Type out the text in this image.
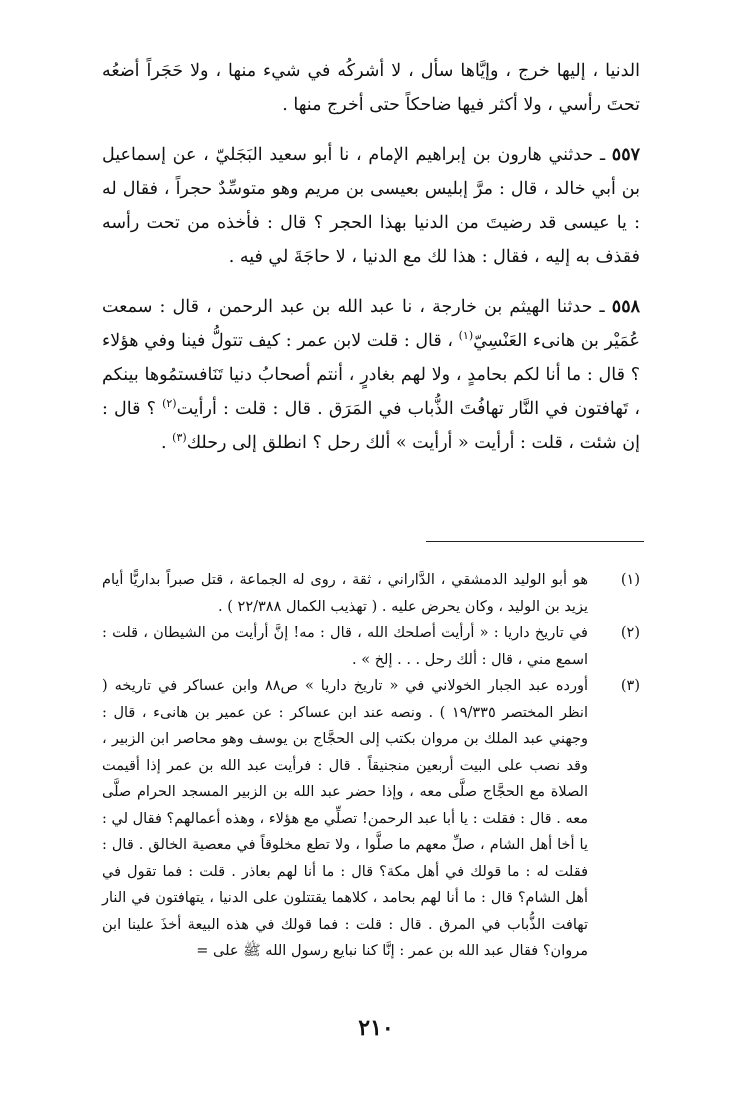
الدنيا ، إليها خرج ، وإيَّاها سأل ، لا أشركُه في شيء منها ، ولا حَجَراً أضعُه تحتَ رأسي ، ولا أكثر فيها ضاحكاً حتى أخرج منها .

٥٥٧ ـ حدثني هارون بن إبراهيم الإمام ، نا أبو سعيد البَجَليّ ، عن إسماعيل بن أبي خالد ، قال : مرَّ إبليس بعيسى بن مريم وهو متوسِّدٌ حجراً ، فقال له : يا عيسى قد رضيتَ من الدنيا بهذا الحجر ؟ قال : فأخذه من تحت رأسه فقذف به إليه ، فقال : هذا لك مع الدنيا ، لا حاجَةَ لي فيه .

٥٥٨ ـ حدثنا الهيثم بن خارجة ، نا عبد الله بن عبد الرحمن ، قال : سمعت عُمَيْر بن هانىء العَنْسِيّ$^{(١)}$ ، قال : قلت لابن عمر : كيف تتولُّ فينا وفي هؤلاء ؟ قال : ما أنا لكم بحامدٍ ، ولا لهم بغادرٍ ، أنتم أصحابُ دنيا تَنَافستمُوها بينكم ، تَهافتون في النَّار تهافُتَ الذُّباب في المَرَق . قال : قلت : أرأيت$^{(٢)}$ ؟ قال : إن شئت ، قلت : أرأيت « أرأيت » ألك رحل ؟ انطلق إلى رحلك$^{(٣)}$ .

(١)
هو أبو الوليد الدمشقي ، الدَّاراني ، ثقة ، روى له الجماعة ، قتل صبراً بداريًّا أيام يزيد بن الوليد ، وكان يحرض عليه . ( تهذيب الكمال ٢٢/٣٨٨ ) .
(٢)
في تاريخ داريا : « أرأيت أصلحك الله ، قال : مه! إنَّ أرأيت من الشيطان ، قلت : اسمع مني ، قال : ألك رحل . . . إلخ » .
(٣)
أورده عبد الجبار الخولاني في « تاريخ داريا » ص٨٨ وابن عساكر في تاريخه ( انظر المختصر ١٩/٣٣٥ ) . ونصه عند ابن عساكر : عن عمير بن هانىء ، قال : وجهني عبد الملك بن مروان بكتب إلى الحجَّاج بن يوسف وهو محاصر ابن الزبير ، وقد نصب على البيت أربعين منجنيقاً . قال : فرأيت عبد الله بن عمر إذا أقيمت الصلاة مع الحجَّاج صلَّى معه ، وإذا حضر عبد الله بن الزبير المسجد الحرام صلَّى معه . قال : فقلت : يا أبا عبد الرحمن! تصلِّي مع هؤلاء ، وهذه أعمالهم؟ فقال لي : يا أخا أهل الشام ، صلِّ معهم ما صلَّوا ، ولا تطع مخلوقاً في معصية الخالق . قال : فقلت له : ما قولك في أهل مكة؟ قال : ما أنا لهم بعاذر . قلت : فما تقول في أهل الشام؟ قال : ما أنا لهم بحامد ، كلاهما يقتتلون على الدنيا ، يتهافتون في النار تهافت الذُّباب في المرق . قال : قلت : فما قولك في هذه البيعة أخذَ علينا ابن مروان؟ فقال عبد الله بن عمر : إنَّا كنا نبايع رسول الله ﷺ على =
٢١٠
